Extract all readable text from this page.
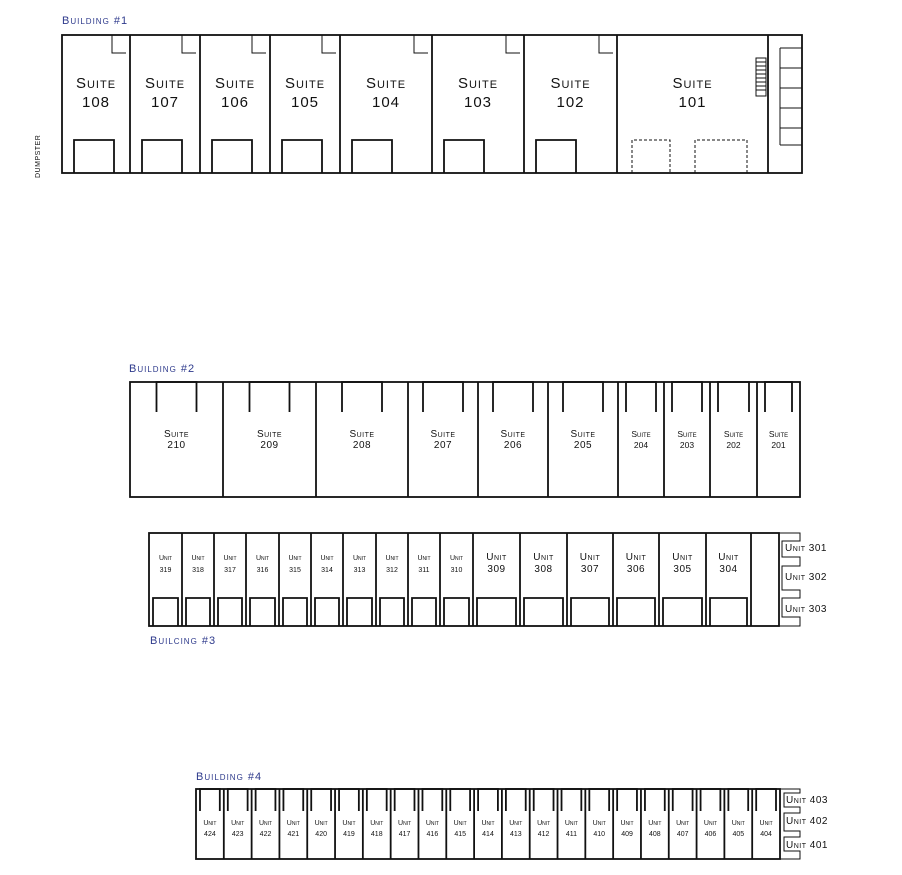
Building #1
DUMPSTER
Suite
108
Suite
107
Suite
106
Suite
105
Suite
104
Suite
103
Suite
102
Suite
101
Building #2
Suite
210
Suite
209
Suite
208
Suite
207
Suite
206
Suite
205
Suite
204
Suite
203
Suite
202
Suite
201
Unit
319
Unit
318
Unit
317
Unit
316
Unit
315
Unit
314
Unit
313
Unit
312
Unit
311
Unit
310
Unit
309
Unit
308
Unit
307
Unit
306
Unit
305
Unit
304
Unit 301
Unit 302
Unit 303
Builcing #3
Building #4
Unit
424
Unit
423
Unit
422
Unit
421
Unit
420
Unit
419
Unit
418
Unit
417
Unit
416
Unit
415
Unit
414
Unit
413
Unit
412
Unit
411
Unit
410
Unit
409
Unit
408
Unit
407
Unit
406
Unit
405
Unit
404
Unit 403
Unit 402
Unit 401
